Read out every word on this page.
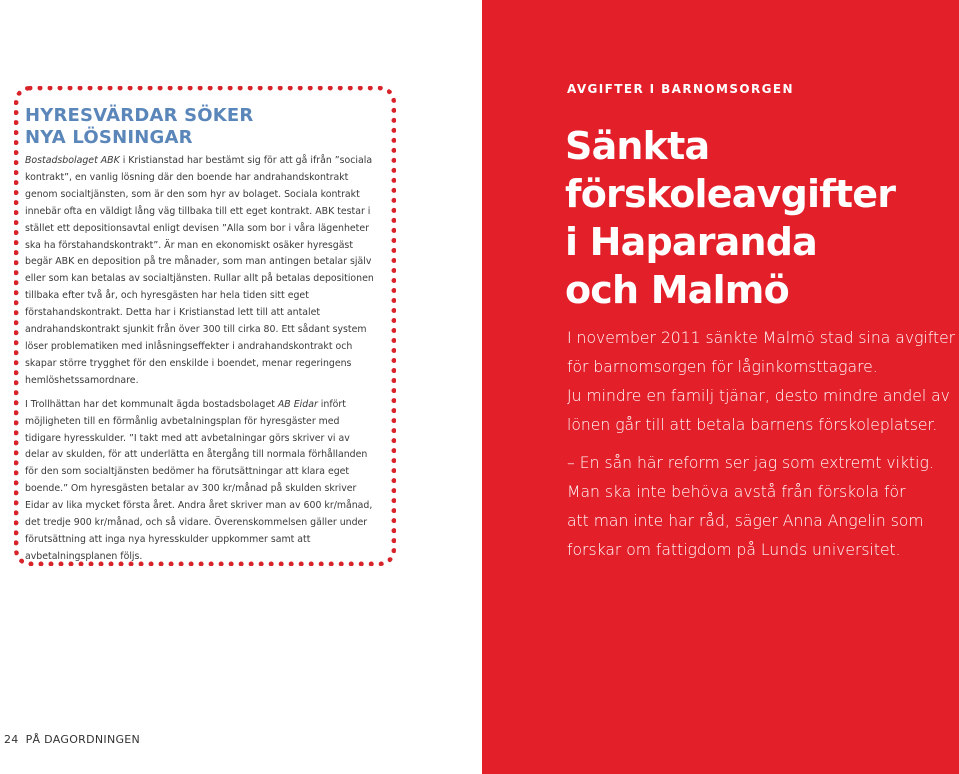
HYRESVÄRDAR SÖKER
NYA LÖSNINGAR

Bostadsbolaget ABK i Kristianstad har bestämt sig för att gå ifrån ”sociala kontrakt”, en vanlig lösning där den boende har andrahandskontrakt genom socialtjänsten, som är den som hyr av bolaget. Sociala kontrakt innebär ofta en väldigt lång väg tillbaka till ett eget kontrakt. ABK testar i stället ett depositionsavtal enligt devisen ”Alla som bor i våra lägenheter ska ha förstahandskontrakt”. Är man en ekonomiskt osäker hyresgäst begär ABK en deposition på tre månader, som man antingen betalar själv eller som kan betalas av socialtjänsten. Rullar allt på betalas depositionen tillbaka efter två år, och hyresgästen har hela tiden sitt eget förstahandskontrakt. Detta har i Kristianstad lett till att antalet andrahandskontrakt sjunkit från över 300 till cirka 80. Ett sådant system löser problematiken med inlåsningseffekter i andrahandskontrakt och skapar större trygghet för den enskilde i boendet, menar regeringens hemlöshetssamordnare.

I Trollhättan har det kommunalt ägda bostadsbolaget AB Eidar infört möjligheten till en förmånlig avbetalningsplan för hyresgäster med tidigare hyresskulder. ”I takt med att avbetalningar görs skriver vi av delar av skulden, för att underlätta en återgång till normala förhållanden för den som socialtjänsten bedömer ha förutsättningar att klara eget boende.” Om hyresgästen betalar av 300 kr/månad på skulden skriver Eidar av lika mycket första året. Andra året skriver man av 600 kr/månad, det tredje 900 kr/månad, och så vidare. Överenskommelsen gäller under förutsättning att inga nya hyresskulder uppkommer samt att avbetalningsplanen följs.

24 PÅ DAGORDNINGEN
AVGIFTER I BARNOMSORGEN
Sänkta
förskoleavgifter
i Haparanda
och Malmö

I november 2011 sänkte Malmö stad sina avgifter
för barnomsorgen för låginkomsttagare.
Ju mindre en familj tjänar, desto mindre andel av
lönen går till att betala barnens förskoleplatser.

– En sån här reform ser jag som extremt viktig.
Man ska inte behöva avstå från förskola för
att man inte har råd, säger Anna Angelin som
forskar om fattigdom på Lunds universitet.
